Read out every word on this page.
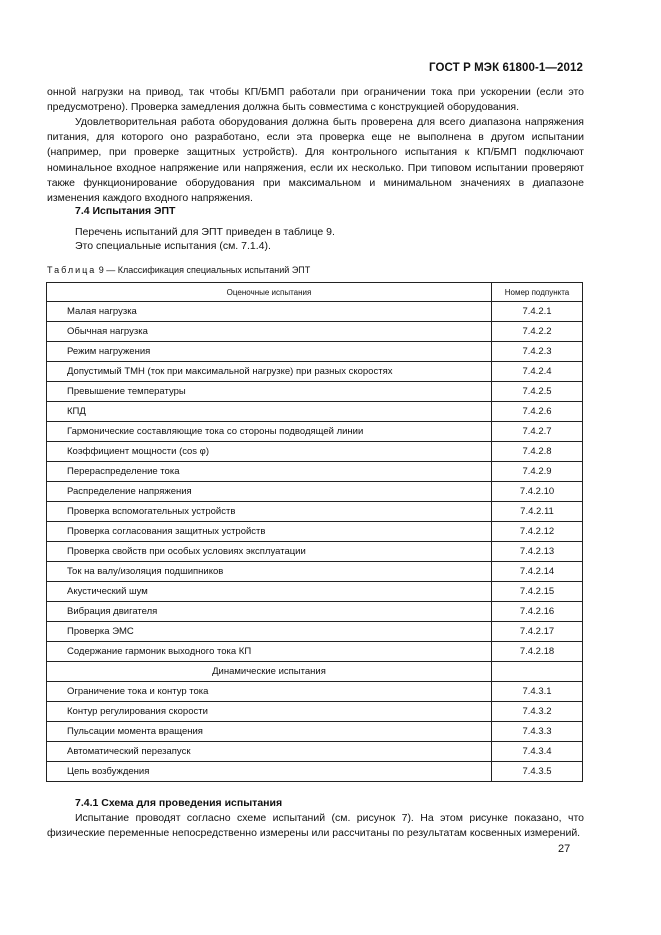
ГОСТ Р МЭК 61800-1—2012

онной нагрузки на привод, так чтобы КП/БМП работали при ограничении тока при ускорении (если это предусмотрено). Проверка замедления должна быть совместима с конструкцией оборудования.

Удовлетворительная работа оборудования должна быть проверена для всего диапазона напряжения питания, для которого оно разработано, если эта проверка еще не выполнена в другом испытании (например, при проверке защитных устройств). Для контрольного испытания к КП/БМП подключают номинальное входное напряжение или напряжения, если их несколько. При типовом испытании проверяют также функционирование оборудования при максимальном и минимальном значениях в диапазоне изменения каждого входного напряжения.

7.4 Испытания ЭПТ

Перечень испытаний для ЭПТ приведен в таблице 9.

Это специальные испытания (см. 7.1.4).

Таблица 9 — Классификация специальных испытаний ЭПТ
Оценочные испытания	Номер подпункта
Малая нагрузка	7.4.2.1
Обычная нагрузка	7.4.2.2
Режим нагружения	7.4.2.3
Допустимый ТМН (ток при максимальной нагрузке) при разных скоростях	7.4.2.4
Превышение температуры	7.4.2.5
КПД	7.4.2.6
Гармонические составляющие тока со стороны подводящей линии	7.4.2.7
Коэффициент мощности (cos φ)	7.4.2.8
Перераспределение тока	7.4.2.9
Распределение напряжения	7.4.2.10
Проверка вспомогательных устройств	7.4.2.11
Проверка согласования защитных устройств	7.4.2.12
Проверка свойств при особых условиях эксплуатации	7.4.2.13
Ток на валу/изоляция подшипников	7.4.2.14
Акустический шум	7.4.2.15
Вибрация двигателя	7.4.2.16
Проверка ЭМС	7.4.2.17
Содержание гармоник выходного тока КП	7.4.2.18
Динамические испытания	
Ограничение тока и контур тока	7.4.3.1
Контур регулирования скорости	7.4.3.2
Пульсации момента вращения	7.4.3.3
Автоматический перезапуск	7.4.3.4
Цепь возбуждения	7.4.3.5

7.4.1 Схема для проведения испытания

Испытание проводят согласно схеме испытаний (см. рисунок 7). На этом рисунке показано, что физические переменные непосредственно измерены или рассчитаны по результатам косвенных измерений.

27
